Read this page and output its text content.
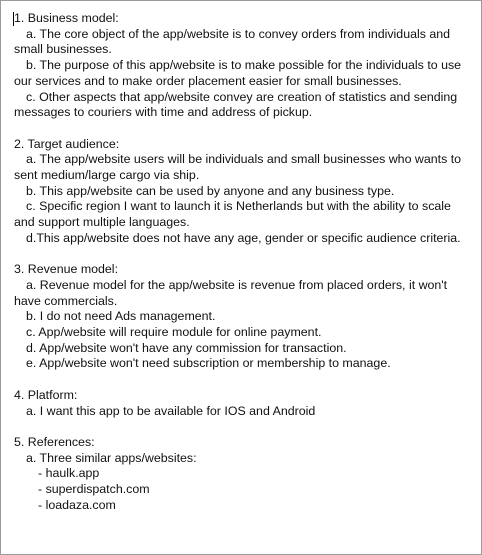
1. Business model:
a. The core object of the app/website is to convey orders from individuals and small businesses.
b. The purpose of this app/website is to make possible for the individuals to use our services and to make order placement easier for small businesses.
c. Other aspects that app/website convey are creation of statistics and sending messages to couriers with time and address of pickup.
2. Target audience:
a. The app/website users will be individuals and small businesses who wants to sent medium/large cargo via ship.
b. This app/website can be used by anyone and any business type.
c. Specific region I want to launch it is Netherlands but with the ability to scale and support multiple languages.
d.This app/website does not have any age, gender or specific audience criteria.
3. Revenue model:
a. Revenue model for the app/website is revenue from placed orders, it won't have commercials.
b. I do not need Ads management.
c. App/website will require module for online payment.
d. App/website won't have any commission for transaction.
e. App/website won't need subscription or membership to manage.
4. Platform:
a. I want this app to be available for IOS and Android
5. References:
a. Three similar apps/websites:
- haulk.app
- superdispatch.com
- loadaza.com
